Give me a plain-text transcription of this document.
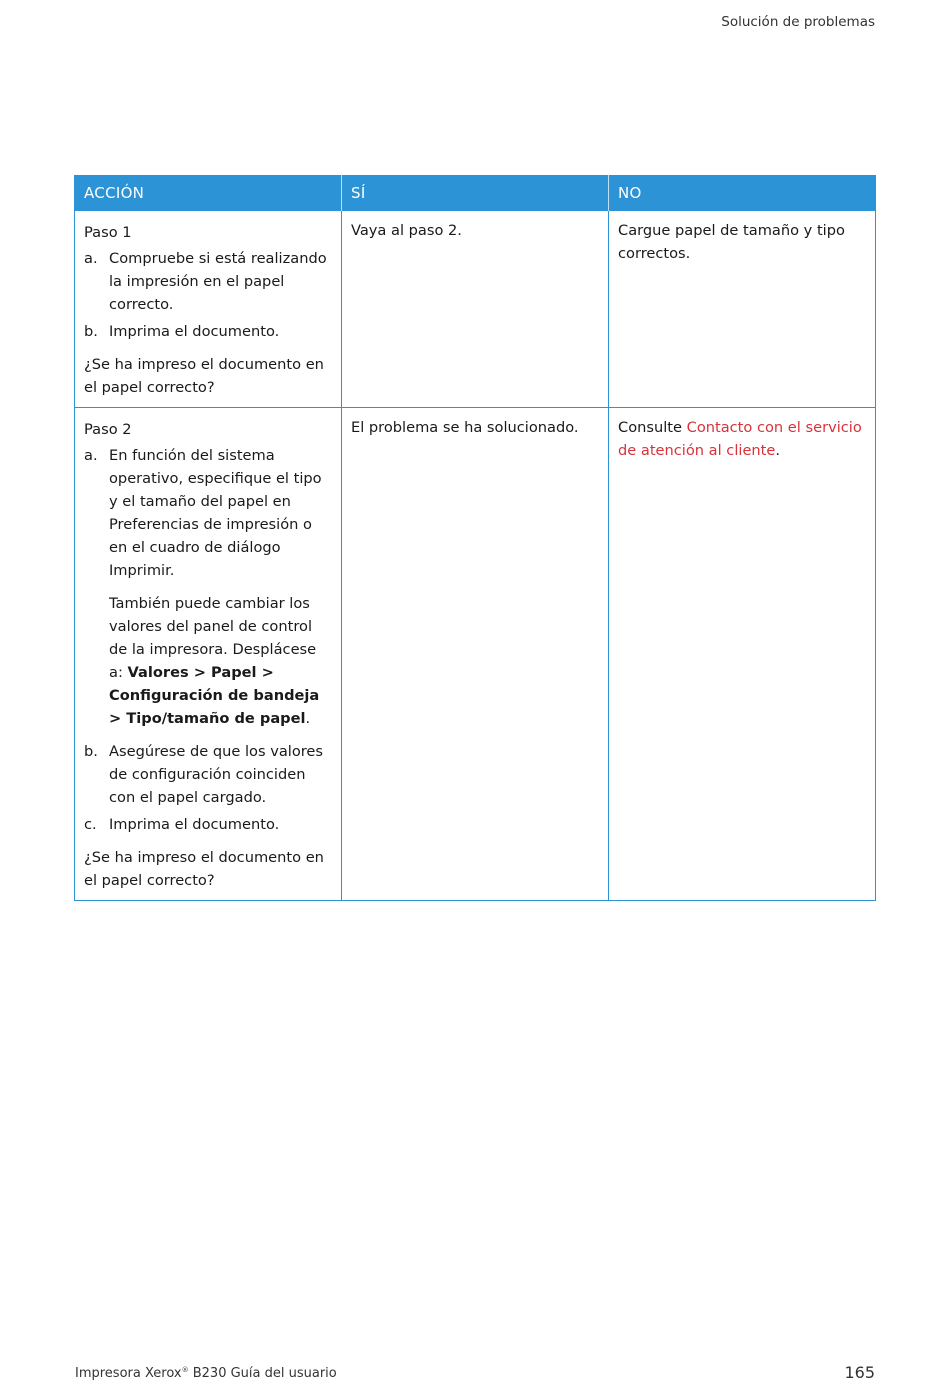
Solución de problemas
ACCIÓN	SÍ	NO

Paso 1
a. Compruebe si está realizando la impresión en el papel correcto.
b. Imprima el documento.
¿Se ha impreso el documento en el papel correcto?
	Vaya al paso 2.	Cargue papel de tamaño y tipo correctos.

Paso 2
a. En función del sistema operativo, especifique el tipo y el tamaño del papel en Preferencias de impresión o en el cuadro de diálogo Imprimir.
También puede cambiar los valores del panel de control de la impresora. Desplácese a: Valores > Papel > Configuración de bandeja > Tipo/tamaño de papel.
b. Asegúrese de que los valores de configuración coinciden con el papel cargado.
c. Imprima el documento.
¿Se ha impreso el documento en el papel correcto?
	El problema se ha solucionado.	Consulte Contacto con el servicio de atención al cliente.
Impresora Xerox® B230 Guía del usuario	165
